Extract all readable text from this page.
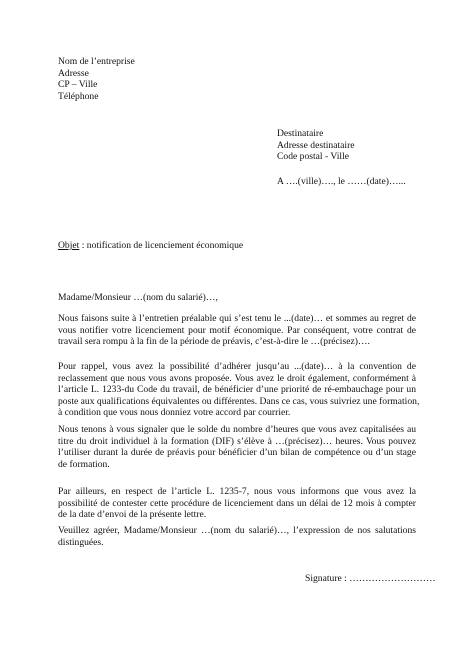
Nom de l’entreprise
Adresse
CP – Ville
Téléphone
Destinataire
Adresse destinataire
Code postal - Ville
A ….(ville)…., le ……(date)…...
Objet : notification de licenciement économique
Madame/Monsieur …(nom du salarié)…,
Nous faisons suite à l’entretien préalable qui s’est tenu le ...(date)… et sommes au regret de
vous notifier votre licenciement pour motif économique. Par conséquent, votre contrat de
travail sera rompu à la fin de la période de préavis, c’est-à-dire le …(précisez)….
Pour rappel, vous avez la possibilité d’adhérer jusqu’au ...(date)… à la convention de
reclassement que nous vous avons proposée. Vous avez le droit également, conformément à
l’article L. 1233-du Code du travail, de bénéficier d’une priorité de ré-embauchage pour un
poste aux qualifications équivalentes ou différentes. Dans ce cas, vous suivriez une formation,
à condition que vous nous donniez votre accord par courrier.
Nous tenons à vous signaler que le solde du nombre d’heures que vous avez capitalisées au
titre du droit individuel à la formation (DIF) s’élève à …(précisez)… heures. Vous pouvez
l’utiliser durant la durée de préavis pour bénéficier d’un bilan de compétence ou d’un stage
de formation.
Par ailleurs, en respect de l’article L. 1235-7, nous vous informons que vous avez la
possibilité de contester cette procédure de licenciement dans un délai de 12 mois à compter
de la date d’envoi de la présente lettre.
Veuillez agréer, Madame/Monsieur …(nom du salarié)…, l’expression de nos salutations
distinguées.
Signature : ………………………
